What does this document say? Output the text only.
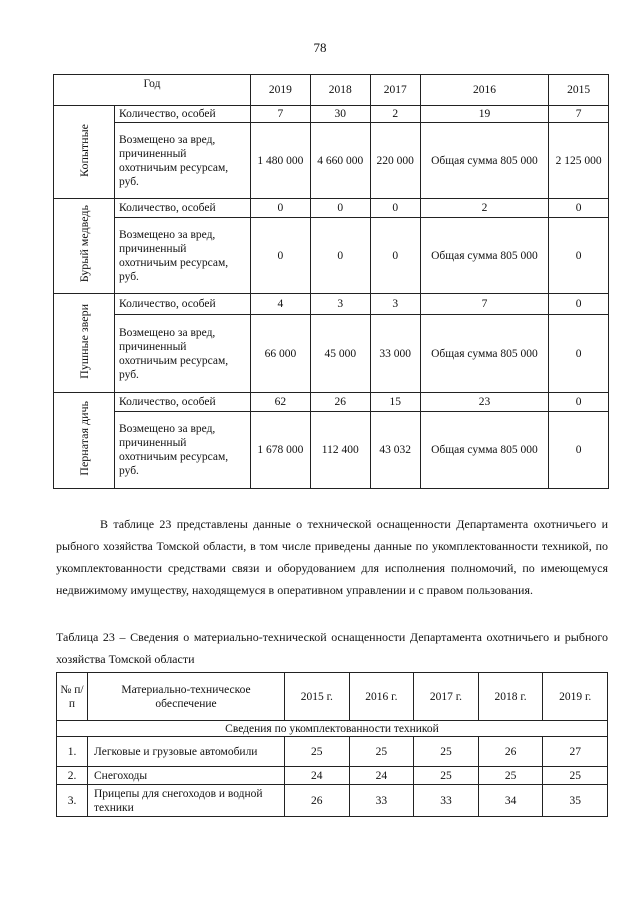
78
Год		2019	2018	2017	2016	2015
Копытные	Количество, особей	7	30	2	19	7
	Возмещено за вред, причиненный охотничьим ресурсам, руб.	1 480 000	4 660 000	220 000	Общая сумма 805 000	2 125 000
Бурый медведь	Количество, особей	0	0	0	2	0
	Возмещено за вред, причиненный охотничьим ресурсам, руб.	0	0	0	Общая сумма 805 000	0
Пушные звери	Количество, особей	4	3	3	7	0
	Возмещено за вред, причиненный охотничьим ресурсам, руб.	66 000	45 000	33 000	Общая сумма 805 000	0
Пернатая дичь	Количество, особей	62	26	15	23	0
	Возмещено за вред, причиненный охотничьим ресурсам, руб.	1 678 000	112 400	43 032	Общая сумма 805 000	0
В таблице 23 представлены данные о технической оснащенности Департамента охотничьего и рыбного хозяйства Томской области, в том числе приведены данные по укомплектованности техникой, по укомплектованности средствами связи и оборудованием для исполнения полномочий, по имеющемуся недвижимому имуществу, находящемуся в оперативном управлении и с правом пользования.
Таблица 23 – Сведения о материально-технической оснащенности Департамента охотничьего и рыбного хозяйства Томской области
№ п/п	Материально-техническое обеспечение	2015 г.	2016 г.	2017 г.	2018 г.	2019 г.
Сведения по укомплектованности техникой						
1.	Легковые и грузовые автомобили	25	25	25	26	27
2.	Снегоходы	24	24	25	25	25
3.	Прицепы для снегоходов и водной техники	26	33	33	34	35
